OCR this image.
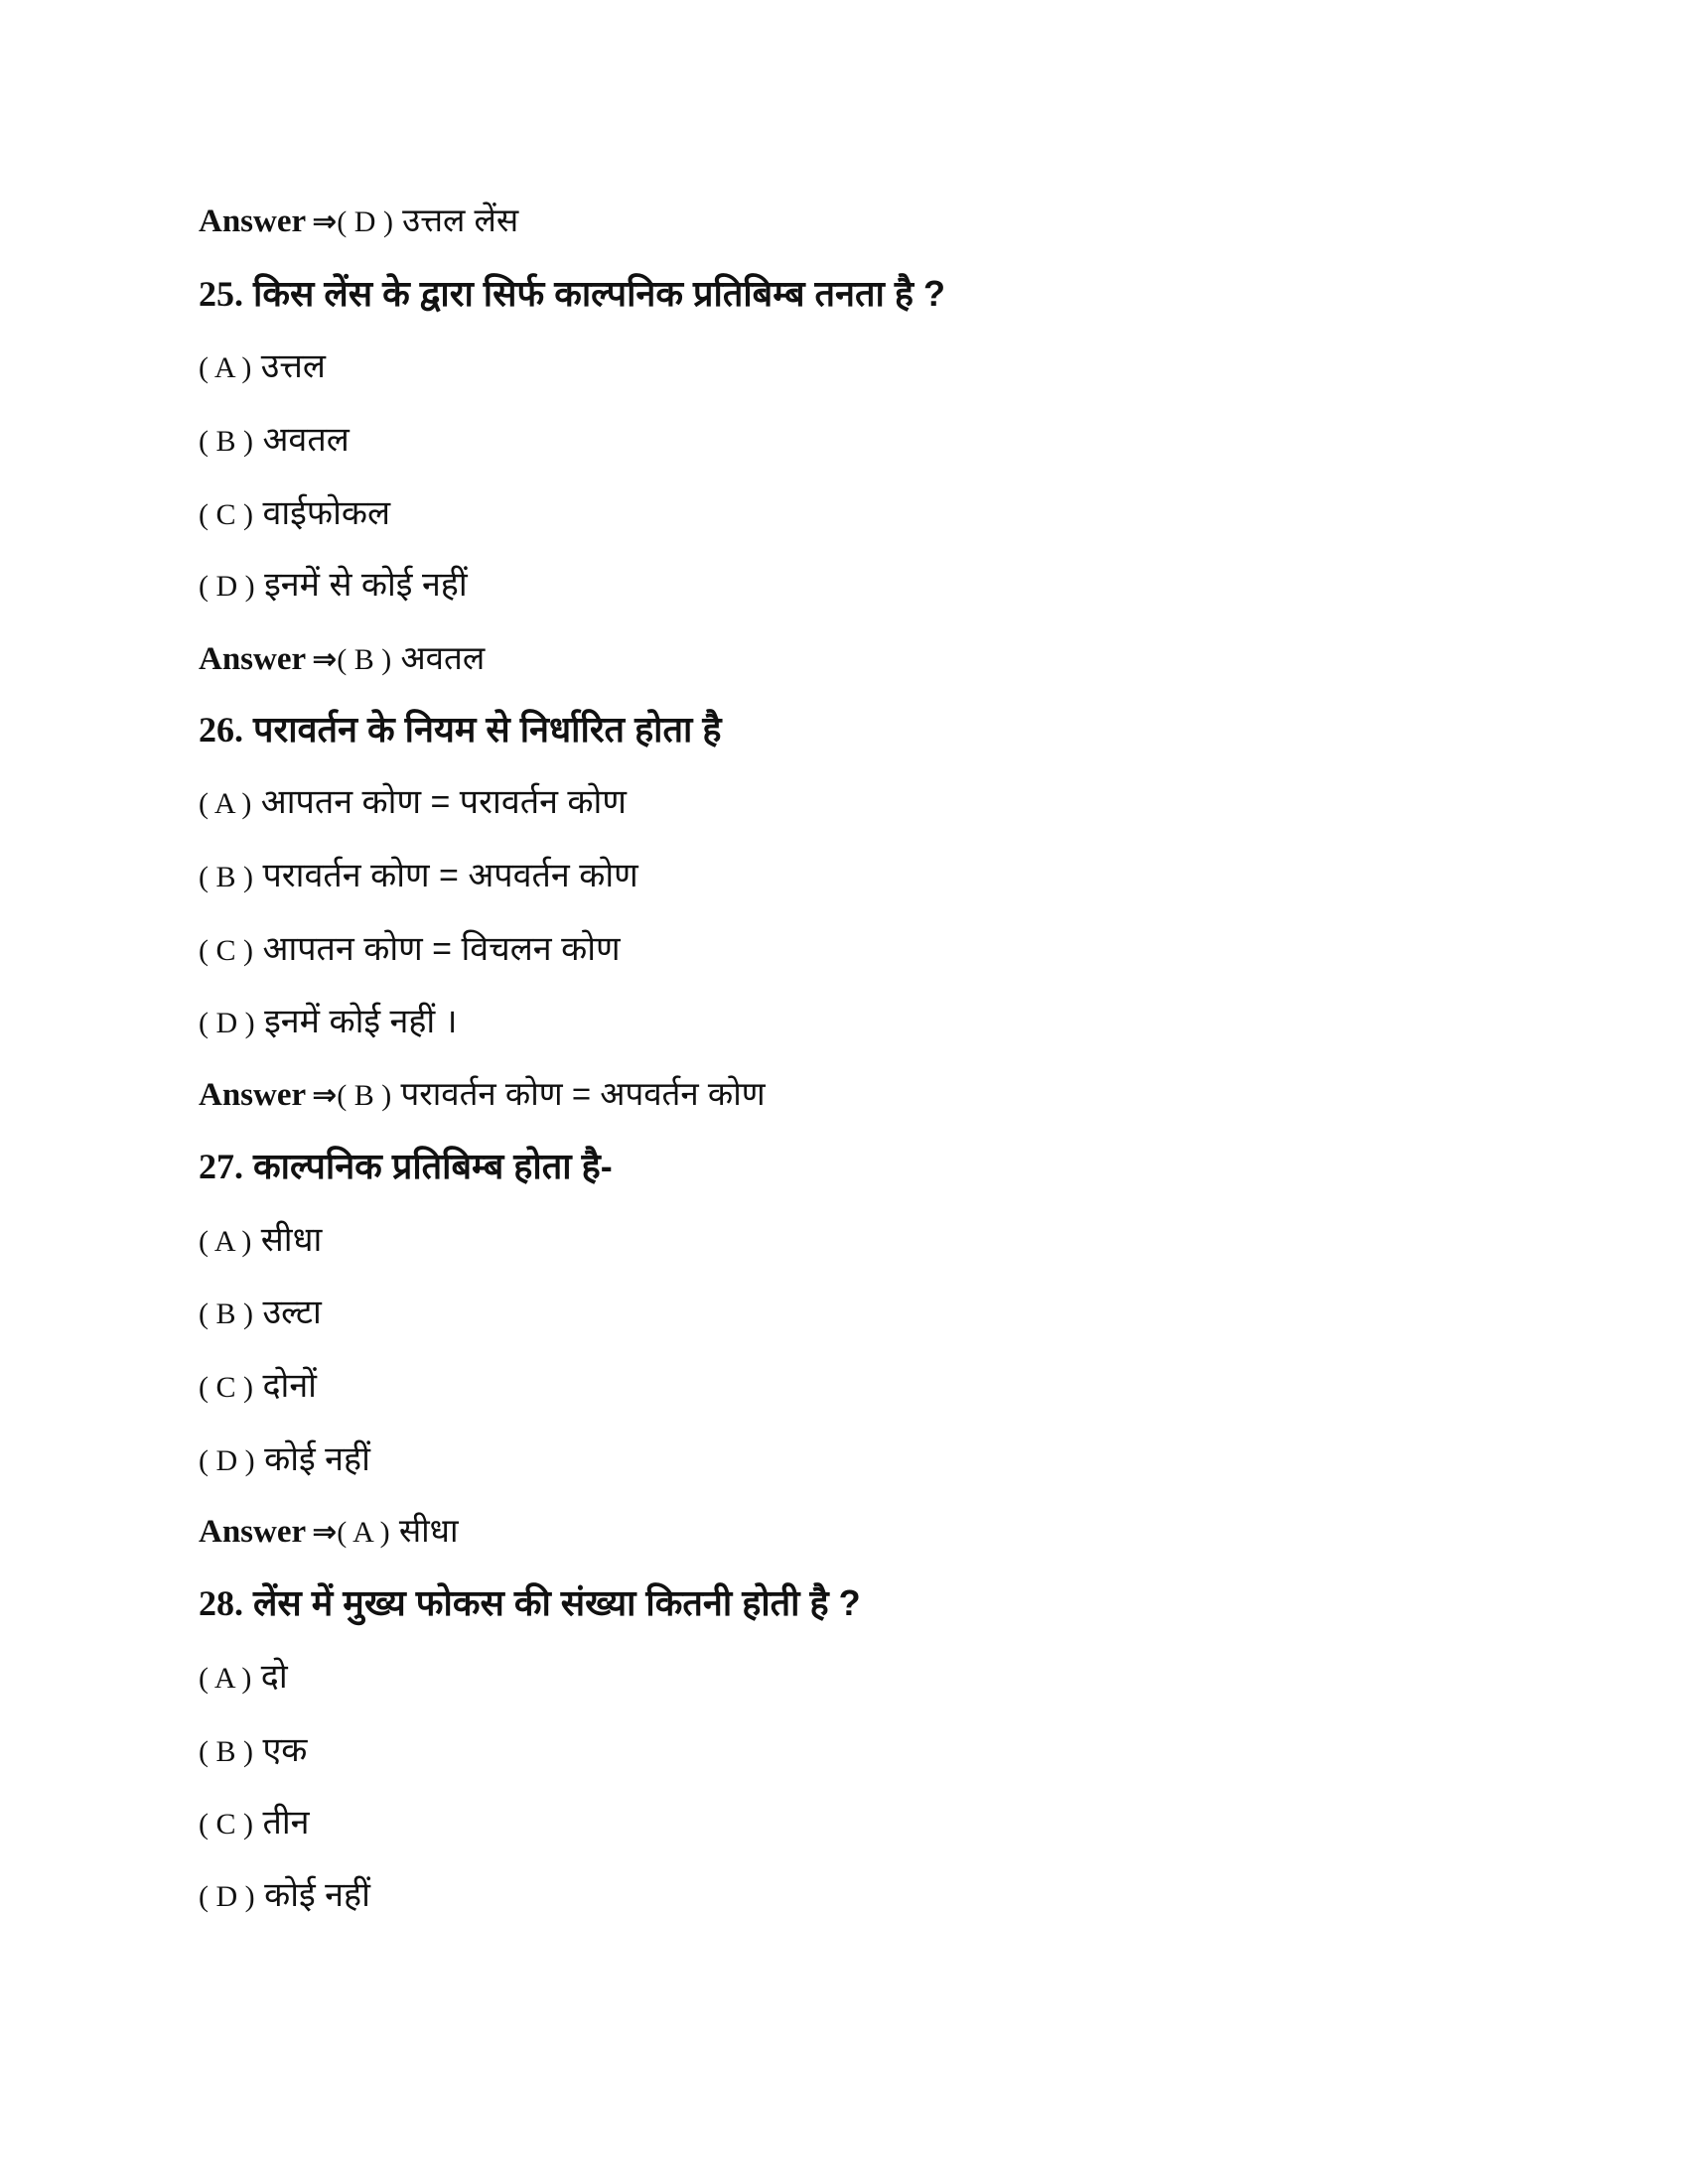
Answer ⇒( D ) उत्तल लेंस
25. किस लेंस के द्वारा सिर्फ काल्पनिक प्रतिबिम्ब तनता है ?
( A ) उत्तल
( B ) अवतल
( C ) वाईफोकल
( D ) इनमें से कोई नहीं
Answer ⇒( B ) अवतल
26. परावर्तन के नियम से निर्धारित होता है
( A ) आपतन कोण = परावर्तन कोण
( B ) परावर्तन कोण = अपवर्तन कोण
( C ) आपतन कोण = विचलन कोण
( D ) इनमें कोई नहीं ।
Answer ⇒( B ) परावर्तन कोण = अपवर्तन कोण
27. काल्पनिक प्रतिबिम्ब होता है-
( A ) सीधा
( B ) उल्टा
( C ) दोनों
( D ) कोई नहीं
Answer ⇒( A ) सीधा
28. लेंस में मुख्य फोकस की संख्या कितनी होती है ?
( A ) दो
( B ) एक
( C ) तीन
( D ) कोई नहीं
